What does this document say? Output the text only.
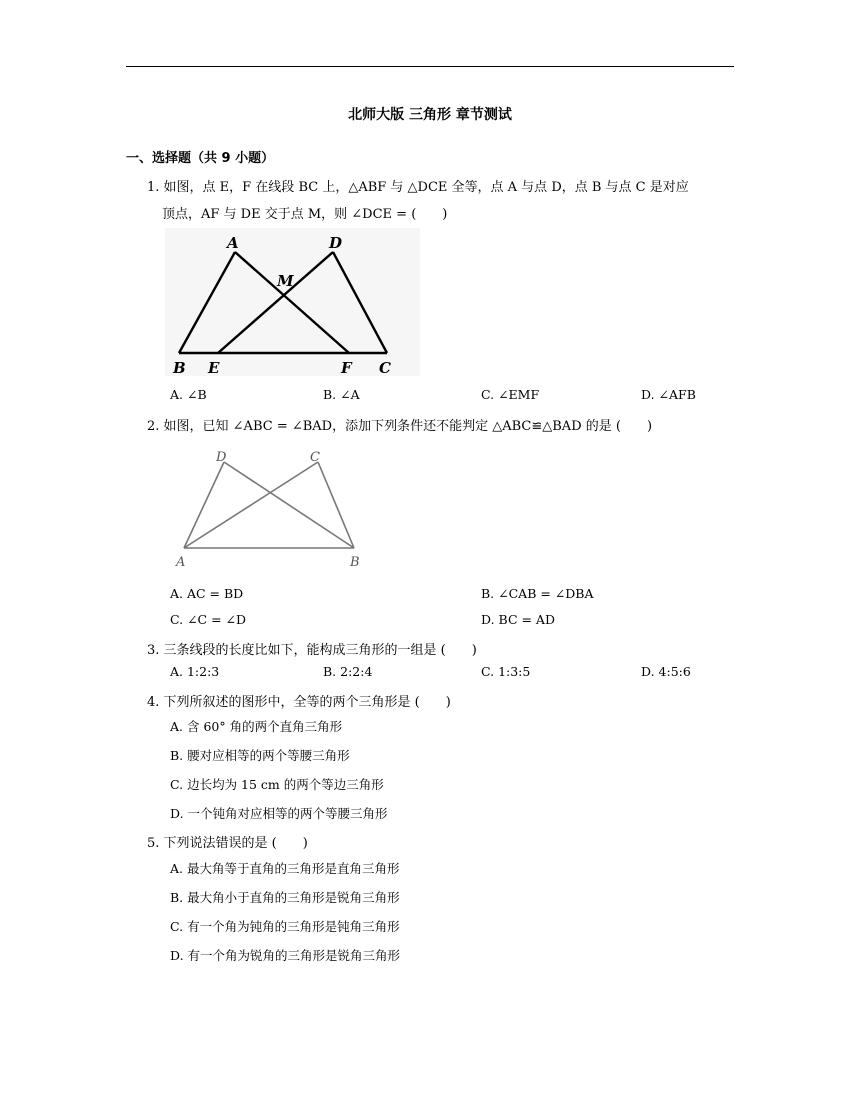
北师大版 三角形 章节测试
一、选择题（共 9 小题）
1. 如图，点 E，F 在线段 BC 上，△ABF 与 △DCE 全等，点 A 与点 D，点 B 与点 C 是对应
顶点，AF 与 DE 交于点 M，则 ∠DCE = (　　)
A	D
M
B E	F C
A. ∠B	B. ∠A	C. ∠EMF	D. ∠AFB
2. 如图，已知 ∠ABC = ∠BAD，添加下列条件还不能判定 △ABC≌△BAD 的是 (　　)
D	C
A	B
A. AC = BD	B. ∠CAB = ∠DBA
C. ∠C = ∠D	D. BC = AD
3. 三条线段的长度比如下，能构成三角形的一组是 (　　)
A. 1:2:3	B. 2:2:4	C. 1:3:5	D. 4:5:6
4. 下列所叙述的图形中，全等的两个三角形是 (　　)
A. 含 60° 角的两个直角三角形
B. 腰对应相等的两个等腰三角形
C. 边长均为 15 cm 的两个等边三角形
D. 一个钝角对应相等的两个等腰三角形
5. 下列说法错误的是 (　　)
A. 最大角等于直角的三角形是直角三角形
B. 最大角小于直角的三角形是锐角三角形
C. 有一个角为钝角的三角形是钝角三角形
D. 有一个角为锐角的三角形是锐角三角形
